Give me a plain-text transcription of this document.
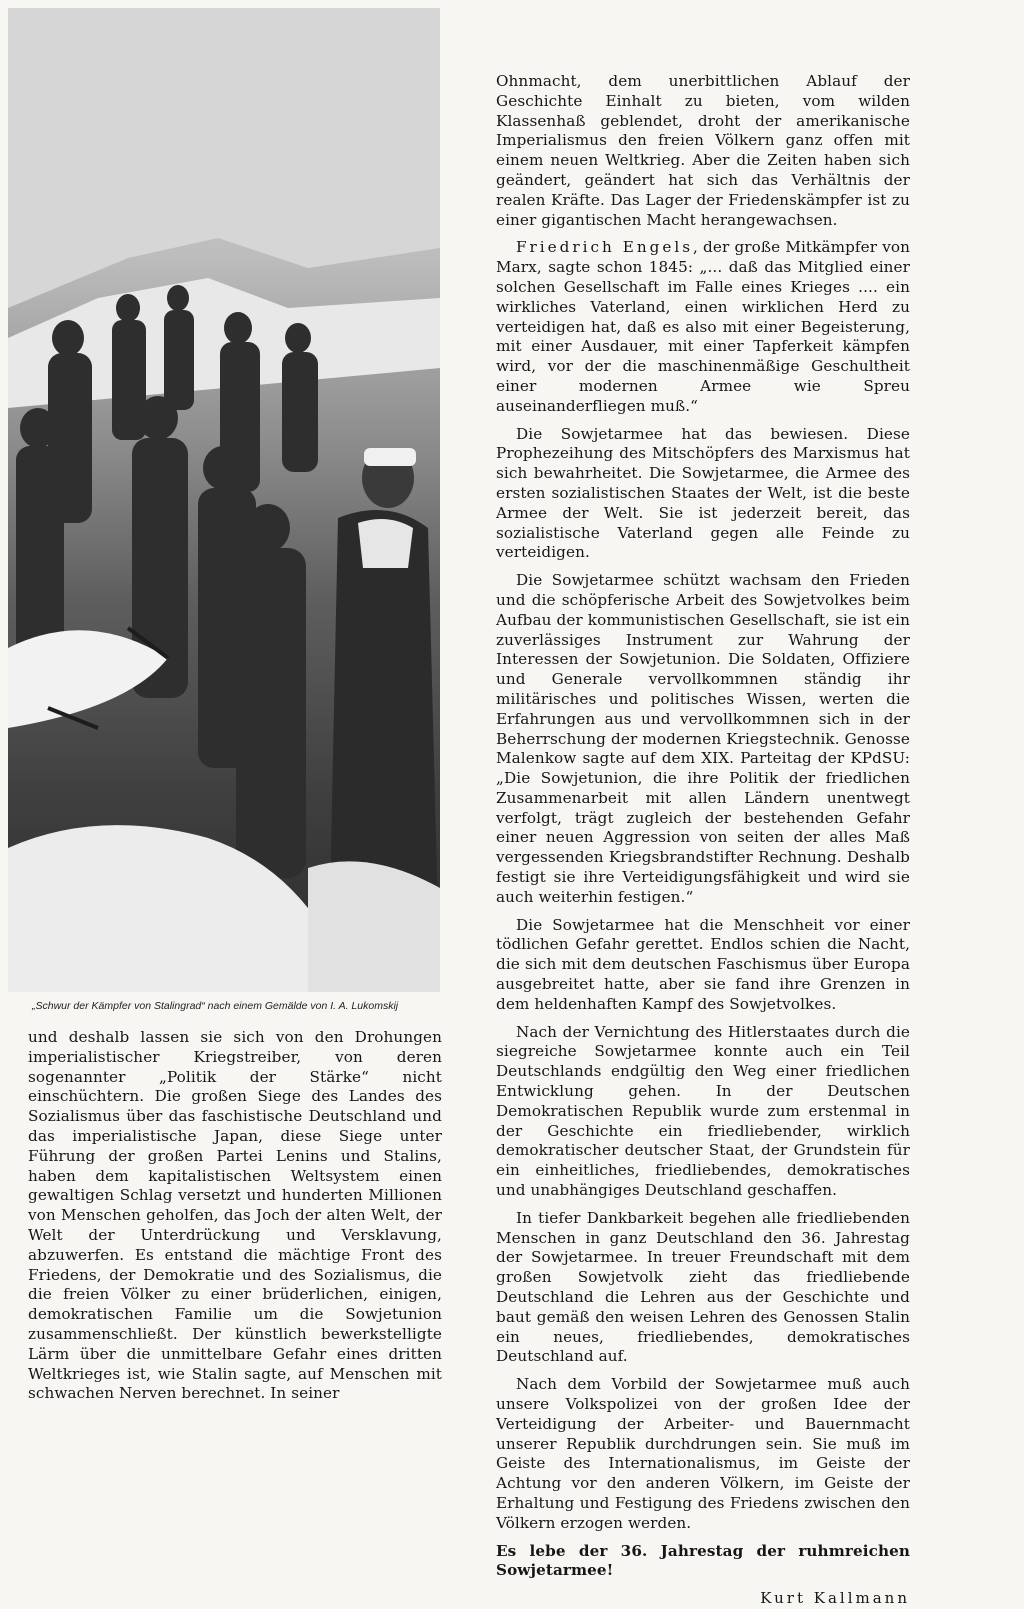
„Schwur der Kämpfer von Stalingrad“ nach einem Gemälde von I. A. Lukomskij

und deshalb lassen sie sich von den Drohungen imperialistischer Kriegstreiber, von deren sogenannter „Politik der Stärke“ nicht einschüchtern. Die großen Siege des Landes des Sozialismus über das faschistische Deutschland und das imperialistische Japan, diese Siege unter Führung der großen Partei Lenins und Stalins, haben dem kapitalistischen Weltsystem einen gewaltigen Schlag versetzt und hunderten Millionen von Menschen geholfen, das Joch der alten Welt, der Welt der Unterdrückung und Versklavung, abzuwerfen. Es entstand die mächtige Front des Friedens, der Demokratie und des Sozialismus, die die freien Völker zu einer brüderlichen, einigen, demokratischen Familie um die Sowjetunion zusammenschließt. Der künstlich bewerkstelligte Lärm über die unmittelbare Gefahr eines dritten Weltkrieges ist, wie Stalin sagte, auf Menschen mit schwachen Nerven berechnet. In seiner

Ohnmacht, dem unerbittlichen Ablauf der Geschichte Einhalt zu bieten, vom wilden Klassenhaß geblendet, droht der amerikanische Imperialismus den freien Völkern ganz offen mit einem neuen Weltkrieg. Aber die Zeiten haben sich geändert, geändert hat sich das Verhältnis der realen Kräfte. Das Lager der Friedenskämpfer ist zu einer gigantischen Macht herangewachsen.

Friedrich Engels, der große Mitkämpfer von Marx, sagte schon 1845: „... daß das Mitglied einer solchen Gesellschaft im Falle eines Krieges .... ein wirkliches Vaterland, einen wirklichen Herd zu verteidigen hat, daß es also mit einer Begeisterung, mit einer Ausdauer, mit einer Tapferkeit kämpfen wird, vor der die maschinenmäßige Geschultheit einer modernen Armee wie Spreu auseinanderfliegen muß.“

Die Sowjetarmee hat das bewiesen. Diese Prophezeihung des Mitschöpfers des Marxismus hat sich bewahrheitet. Die Sowjetarmee, die Armee des ersten sozialistischen Staates der Welt, ist die beste Armee der Welt. Sie ist jederzeit bereit, das sozialistische Vaterland gegen alle Feinde zu verteidigen.

Die Sowjetarmee schützt wachsam den Frieden und die schöpferische Arbeit des Sowjetvolkes beim Aufbau der kommunistischen Gesellschaft, sie ist ein zuverlässiges Instrument zur Wahrung der Interessen der Sowjetunion. Die Soldaten, Offiziere und Generale vervollkommnen ständig ihr militärisches und politisches Wissen, werten die Erfahrungen aus und vervollkommnen sich in der Beherrschung der modernen Kriegstechnik. Genosse Malenkow sagte auf dem XIX. Parteitag der KPdSU: „Die Sowjetunion, die ihre Politik der friedlichen Zusammenarbeit mit allen Ländern unentwegt verfolgt, trägt zugleich der bestehenden Gefahr einer neuen Aggression von seiten der alles Maß vergessenden Kriegsbrandstifter Rechnung. Deshalb festigt sie ihre Verteidigungsfähigkeit und wird sie auch weiterhin festigen.“

Die Sowjetarmee hat die Menschheit vor einer tödlichen Gefahr gerettet. Endlos schien die Nacht, die sich mit dem deutschen Faschismus über Europa ausgebreitet hatte, aber sie fand ihre Grenzen in dem heldenhaften Kampf des Sowjetvolkes.

Nach der Vernichtung des Hitlerstaates durch die siegreiche Sowjetarmee konnte auch ein Teil Deutschlands endgültig den Weg einer friedlichen Entwicklung gehen. In der Deutschen Demokratischen Republik wurde zum erstenmal in der Geschichte ein friedliebender, wirklich demokratischer deutscher Staat, der Grundstein für ein einheitliches, friedliebendes, demokratisches und unabhängiges Deutschland geschaffen.

In tiefer Dankbarkeit begehen alle friedliebenden Menschen in ganz Deutschland den 36. Jahrestag der Sowjetarmee. In treuer Freundschaft mit dem großen Sowjetvolk zieht das friedliebende Deutschland die Lehren aus der Geschichte und baut gemäß den weisen Lehren des Genossen Stalin ein neues, friedliebendes, demokratisches Deutschland auf.

Nach dem Vorbild der Sowjetarmee muß auch unsere Volkspolizei von der großen Idee der Verteidigung der Arbeiter- und Bauernmacht unserer Republik durchdrungen sein. Sie muß im Geiste des Internationalismus, im Geiste der Achtung vor den anderen Völkern, im Geiste der Erhaltung und Festigung des Friedens zwischen den Völkern erzogen werden.

Es lebe der 36. Jahrestag der ruhmreichen Sowjetarmee!

Kurt Kallmann
